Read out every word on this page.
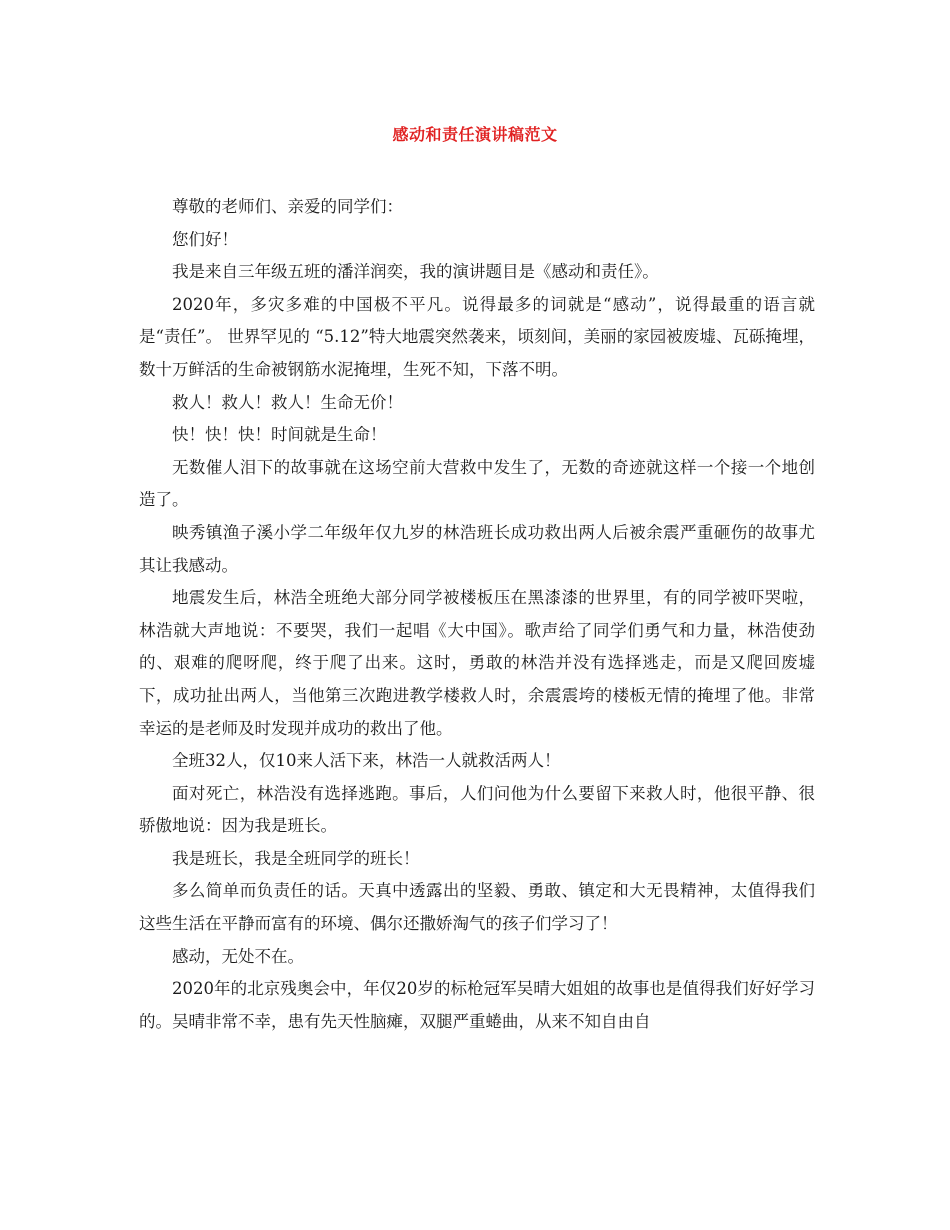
感动和责任演讲稿范文

尊敬的老师们、亲爱的同学们：

您们好！

我是来自三年级五班的潘洋润奕，我的演讲题目是《感动和责任》。

2020年，多灾多难的中国极不平凡。说得最多的词就是“感动”，说得最重的语言就是“责任”。 世界罕见的 “5.12”特大地震突然袭来，顷刻间，美丽的家园被废墟、瓦砾掩埋，数十万鲜活的生命被钢筋水泥掩埋，生死不知，下落不明。

救人！救人！救人！生命无价！

快！快！快！时间就是生命！

无数催人泪下的故事就在这场空前大营救中发生了，无数的奇迹就这样一个接一个地创造了。

映秀镇渔子溪小学二年级年仅九岁的林浩班长成功救出两人后被余震严重砸伤的故事尤其让我感动。

地震发生后，林浩全班绝大部分同学被楼板压在黑漆漆的世界里，有的同学被吓哭啦，林浩就大声地说：不要哭，我们一起唱《大中国》。歌声给了同学们勇气和力量，林浩使劲的、艰难的爬呀爬，终于爬了出来。这时，勇敢的林浩并没有选择逃走，而是又爬回废墟下，成功扯出两人，当他第三次跑进教学楼救人时，余震震垮的楼板无情的掩埋了他。非常幸运的是老师及时发现并成功的救出了他。

全班32人，仅10来人活下来，林浩一人就救活两人！

面对死亡，林浩没有选择逃跑。事后，人们问他为什么要留下来救人时，他很平静、很骄傲地说：因为我是班长。

我是班长，我是全班同学的班长！

多么简单而负责任的话。天真中透露出的坚毅、勇敢、镇定和大无畏精神，太值得我们这些生活在平静而富有的环境、偶尔还撒娇淘气的孩子们学习了！

感动，无处不在。

2020年的北京残奥会中，年仅20岁的标枪冠军吴晴大姐姐的故事也是值得我们好好学习的。吴晴非常不幸，患有先天性脑瘫，双腿严重蜷曲，从来不知自由自
